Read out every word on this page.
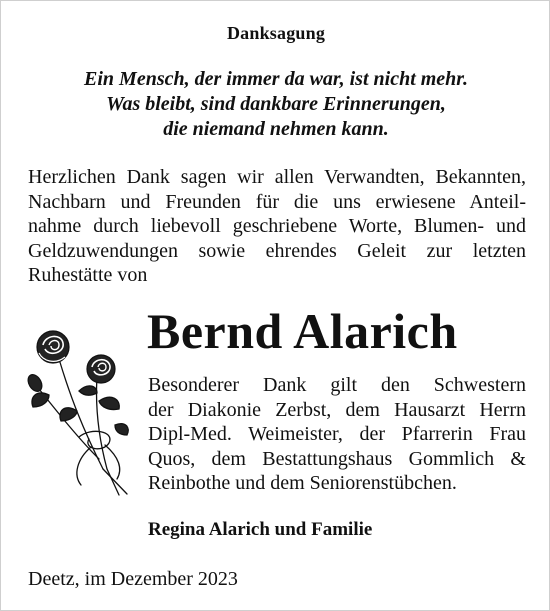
Danksagung
Ein Mensch, der immer da war, ist nicht mehr.
Was bleibt, sind dankbare Erinnerungen,
die niemand nehmen kann.
Herzlichen Dank sagen wir allen Verwandten, Bekannten,
Nachbarn und Freunden für die uns erwiesene Anteil-
nahme durch liebevoll geschriebene Worte, Blumen- und
Geldzuwendungen sowie ehrendes Geleit zur letzten
Ruhestätte von
Bernd Alarich
Besonderer Dank gilt den Schwestern
der Diakonie Zerbst, dem Hausarzt Herrn
Dipl-Med. Weimeister, der Pfarrerin Frau
Quos, dem Bestattungshaus Gommlich &
Reinbothe und dem Seniorenstübchen.
Regina Alarich und Familie
Deetz, im Dezember 2023
